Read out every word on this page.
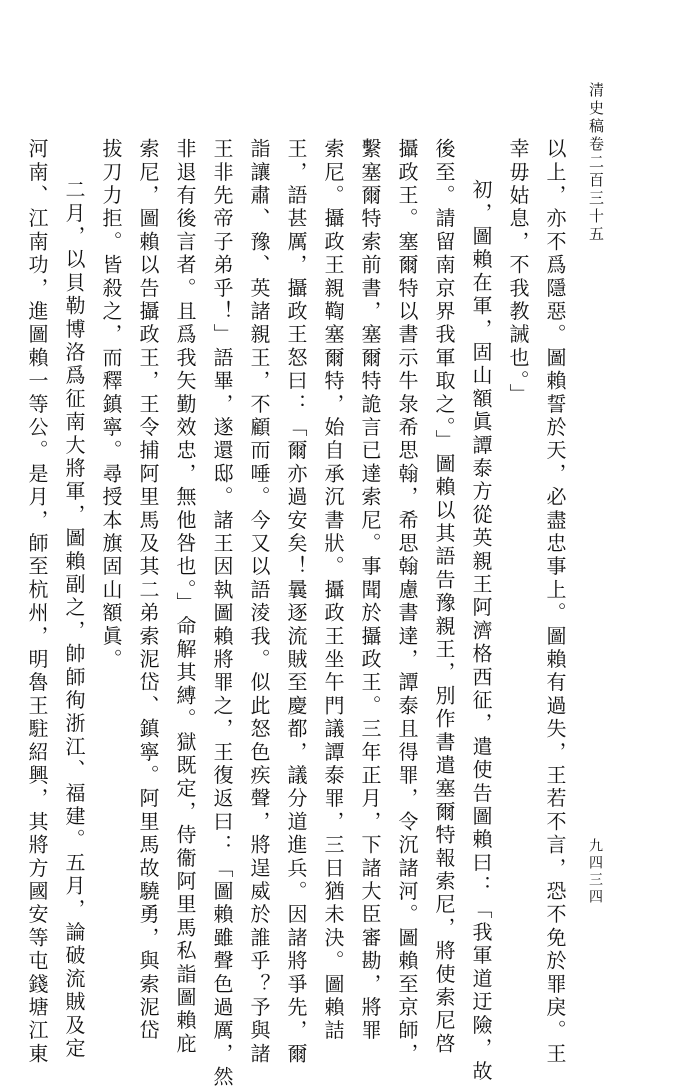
清史稿卷二百三十五
九四三四
以上，亦不爲隱惡。圖賴誓於天，必盡忠事上。圖賴有過失，王若不言，恐不免於罪戾。王
幸毋姑息，不我教誡也。」
初，圖賴在軍，固山額眞譚泰方從英親王阿濟格西征，遣使告圖賴曰：「我軍道迂險，故
後至。請留南京界我軍取之。」圖賴以其語告豫親王，別作書遣塞爾特報索尼，將使索尼啓
攝政王。塞爾特以書示牛彔希思翰，希思翰慮書達，譚泰且得罪，令沉諸河。圖賴至京師，
繫塞爾特索前書，塞爾特詭言已達索尼。事聞於攝政王。三年正月，下諸大臣審勘，將罪
索尼。攝政王親鞫塞爾特，始自承沉書狀。攝政王坐午門議譚泰罪，三日猶未決。圖賴詰
王，語甚厲，攝政王怒曰：「爾亦過安矣！曩逐流賊至慶都，議分道進兵。因諸將爭先，爾
詣讓肅、豫、英諸親王，不顧而唾。今又以語淩我。似此怒色疾聲，將逞威於誰乎？予與諸
王非先帝子弟乎！」語畢，遂還邸。諸王因執圖賴將罪之，王復返曰：「圖賴雖聲色過厲，然
非退有後言者。且爲我矢勤效忠，無他咎也。」命解其縛。獄既定，侍衞阿里馬私詣圖賴庇
索尼，圖賴以告攝政王，王令捕阿里馬及其二弟索泥岱、鎮寧。阿里馬故驍勇，與索泥岱
拔刀力拒。皆殺之，而釋鎮寧。尋授本旗固山額眞。
二月，以貝勒博洛爲征南大將軍，圖賴副之，帥師徇浙江、福建。五月，論破流賊及定
河南、江南功，進圖賴一等公。是月，師至杭州，明魯王駐紹興，其將方國安等屯錢塘江東
